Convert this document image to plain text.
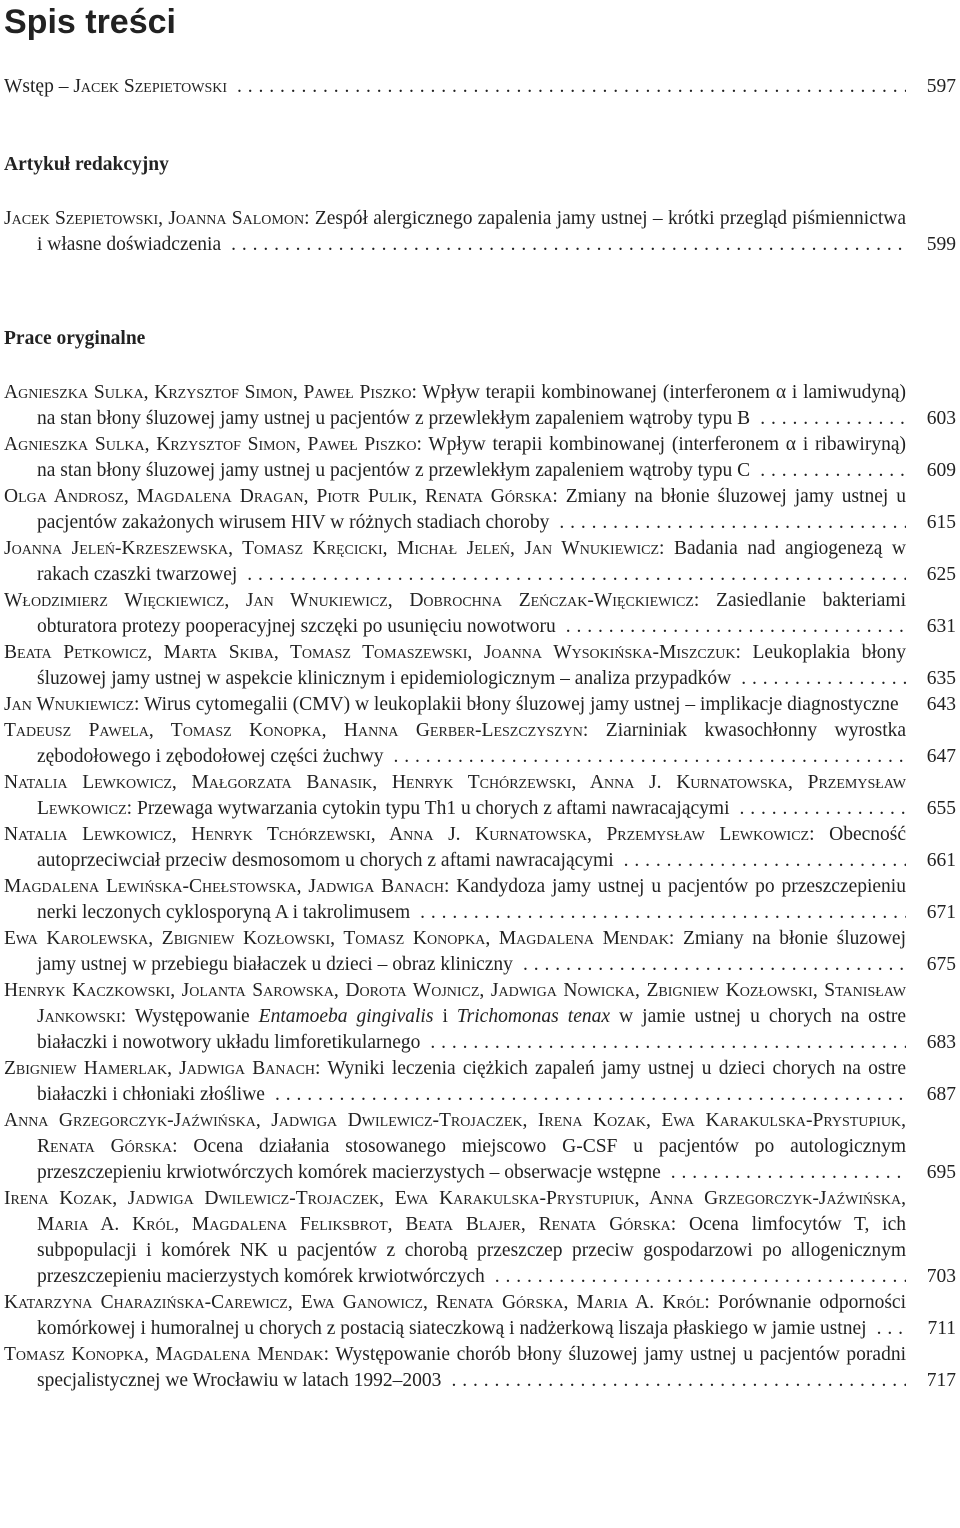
Spis treści
Wstęp – Jacek Szepietowski . . .	597
Artykuł redakcyjny
Jacek Szepietowski, Joanna Salomon: Zespół alergicznego zapalenia jamy ustnej – krótki przegląd piśmiennictwa i własne doświadczenia . . .	599
Prace oryginalne
Agnieszka Sulka, Krzysztof Simon, Paweł Piszko: Wpływ terapii kombinowanej (interferonem α i lamiwudyną) na stan błony śluzowej jamy ustnej u pacjentów z przewlekłym zapaleniem wątroby typu B . . .	603
Agnieszka Sulka, Krzysztof Simon, Paweł Piszko: Wpływ terapii kombinowanej (interferonem α i ribawiryną) na stan błony śluzowej jamy ustnej u pacjentów z przewlekłym zapaleniem wątroby typu C . . .	609
Olga Androsz, Magdalena Dragan, Piotr Pulik, Renata Górska: Zmiany na błonie śluzowej jamy ustnej u pacjentów zakażonych wirusem HIV w różnych stadiach choroby . . .	615
Joanna Jeleń-Krzeszewska, Tomasz Kręcicki, Michał Jeleń, Jan Wnukiewicz: Badania nad angiogenezą w rakach czaszki twarzowej . . .	625
Włodzimierz Więckiewicz, Jan Wnukiewicz, Dobrochna Zeńczak-Więckiewicz: Zasiedlanie bakteriami obturatora protezy pooperacyjnej szczęki po usunięciu nowotworu . . .	631
Beata Petkowicz, Marta Skiba, Tomasz Tomaszewski, Joanna Wysokińska-Miszczuk: Leukoplakia błony śluzowej jamy ustnej w aspekcie klinicznym i epidemiologicznym – analiza przypadków . . .	635
Jan Wnukiewicz: Wirus cytomegalii (CMV) w leukoplakii błony śluzowej jamy ustnej – implikacje diagnostyczne . . .	643
Tadeusz Pawela, Tomasz Konopka, Hanna Gerber-Leszczyszyn: Ziarniniak kwasochłonny wyrostka zębodołowego i zębodołowej części żuchwy . . .	647
Natalia Lewkowicz, Małgorzata Banasik, Henryk Tchórzewski, Anna J. Kurnatowska, Przemysław Lewkowicz: Przewaga wytwarzania cytokin typu Th1 u chorych z aftami nawracającymi . . .	655
Natalia Lewkowicz, Henryk Tchórzewski, Anna J. Kurnatowska, Przemysław Lewkowicz: Obecność autoprzeciwciał przeciw desmosomom u chorych z aftami nawracającymi . . .	661
Magdalena Lewińska-Chełstowska, Jadwiga Banach: Kandydoza jamy ustnej u pacjentów po przeszczepieniu nerki leczonych cyklosporyną A i takrolimusem . . .	671
Ewa Karolewska, Zbigniew Kozłowski, Tomasz Konopka, Magdalena Mendak: Zmiany na błonie śluzowej jamy ustnej w przebiegu białaczek u dzieci – obraz kliniczny . . .	675
Henryk Kaczkowski, Jolanta Sarowska, Dorota Wojnicz, Jadwiga Nowicka, Zbigniew Kozłowski, Stanisław Jankowski: Występowanie Entamoeba gingivalis i Trichomonas tenax w jamie ustnej u chorych na ostre białaczki i nowotwory układu limforetikularnego . . .	683
Zbigniew Hamerlak, Jadwiga Banach: Wyniki leczenia ciężkich zapaleń jamy ustnej u dzieci chorych na ostre białaczki i chłoniaki złośliwe . . .	687
Anna Grzegorczyk-Jaźwińska, Jadwiga Dwilewicz-Trojaczek, Irena Kozak, Ewa Karakulska-Prystupiuk, Renata Górska: Ocena działania stosowanego miejscowo G-CSF u pacjentów po autologicznym przeszczepieniu krwiotwórczych komórek macierzystych – obserwacje wstępne . . .	695
Irena Kozak, Jadwiga Dwilewicz-Trojaczek, Ewa Karakulska-Prystupiuk, Anna Grzegorczyk-Jaźwińska, Maria A. Król, Magdalena Feliksbrot, Beata Blajer, Renata Górska: Ocena limfocytów T, ich subpopulacji i komórek NK u pacjentów z chorobą przeszczep przeciw gospodarzowi po allogenicznym przeszczepieniu macierzystych komórek krwiotwórczych . . .	703
Katarzyna Charazińska-Carewicz, Ewa Ganowicz, Renata Górska, Maria A. Król: Porównanie odporności komórkowej i humoralnej u chorych z postacią siateczkową i nadżerkową liszaja płaskiego w jamie ustnej . . .	711
Tomasz Konopka, Magdalena Mendak: Występowanie chorób błony śluzowej jamy ustnej u pacjentów poradni specjalistycznej we Wrocławiu w latach 1992–2003 . . .	717
